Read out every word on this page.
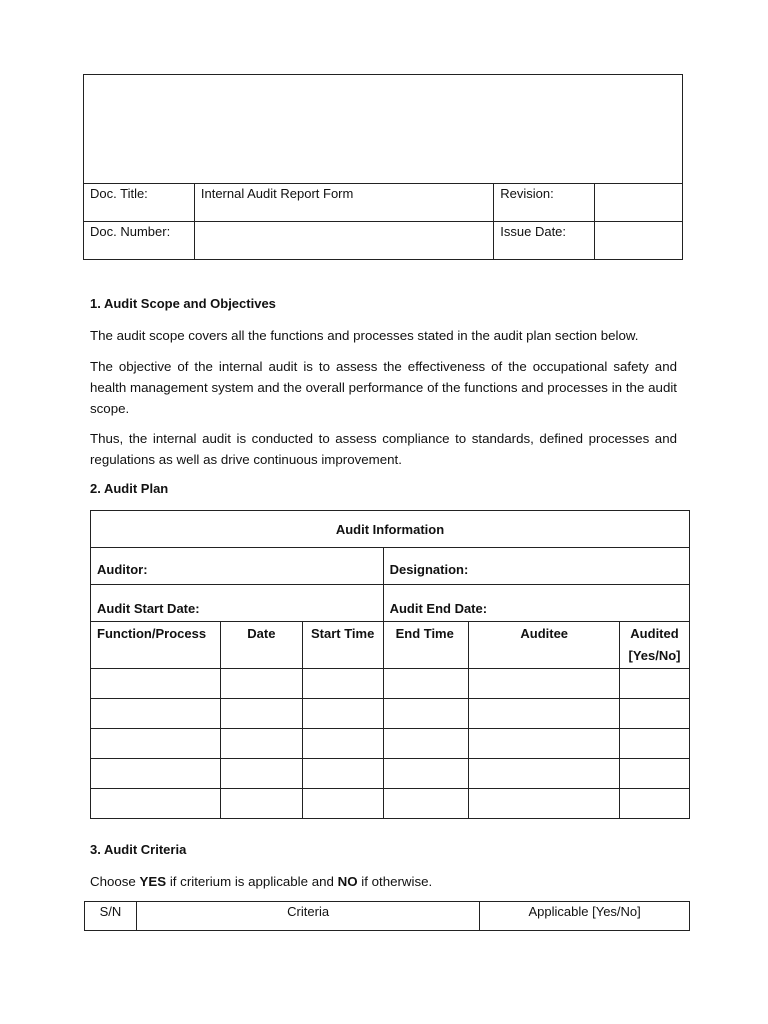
Doc. Title:	Internal Audit Report Form	Revision:	
Doc. Number:		Issue Date:	
1. Audit Scope and Objectives
The audit scope covers all the functions and processes stated in the audit plan section below.
The objective of the internal audit is to assess the effectiveness of the occupational safety and health management system and the overall performance of the functions and processes in the audit scope.
Thus, the internal audit is conducted to assess compliance to standards, defined processes and regulations as well as drive continuous improvement.
2. Audit Plan
Audit Information					
Auditor:			Designation:		
Audit Start Date:			Audit End Date:		
Function/Process	Date	Start Time	End Time	Auditee	Audited [Yes/No]

3. Audit Criteria
Choose YES if criterium is applicable and NO if otherwise.
S/N	Criteria	Applicable [Yes/No]
